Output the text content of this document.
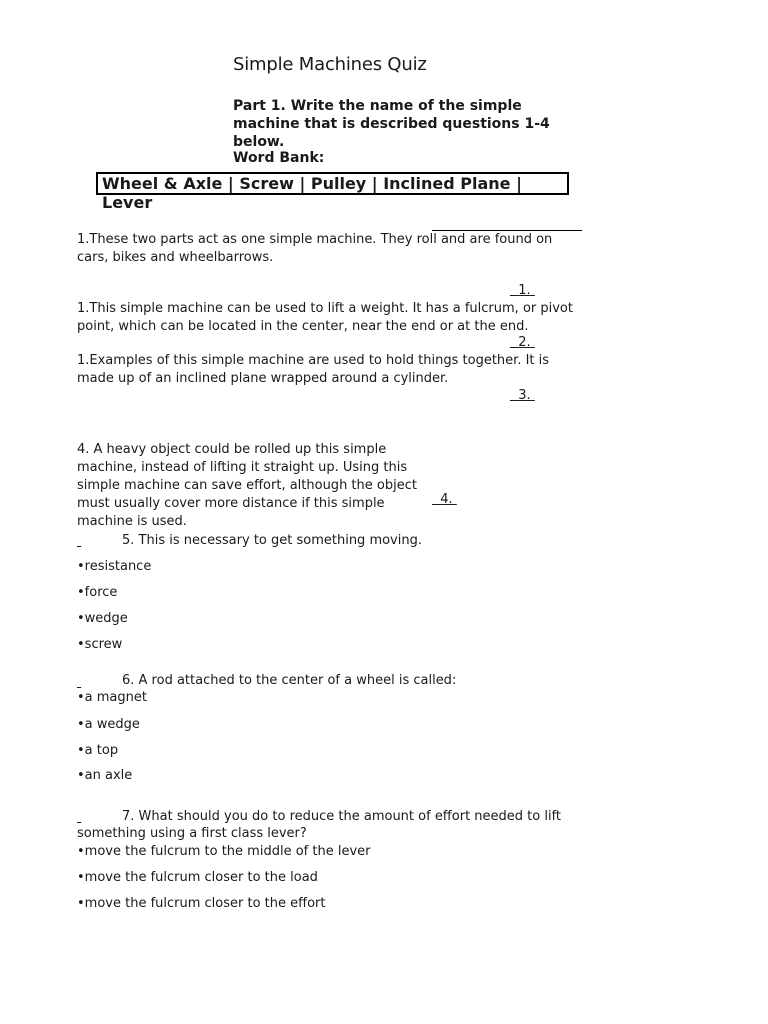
Simple Machines Quiz
Part 1. Write the name of the simple machine that is described questions 1-4 below.
Word Bank:
Wheel & Axle | Screw | Pulley | Inclined Plane | Lever
1.These two parts act as one simple machine. They roll and are found on cars, bikes and wheelbarrows.
1.
1.This simple machine can be used to lift a weight. It has a fulcrum, or pivot point, which can be located in the center, near the end or at the end.
2.
1.Examples of this simple machine are used to hold things together. It is made up of an inclined plane wrapped around a cylinder.
3.
4. A heavy object could be rolled up this simple machine, instead of lifting it straight up. Using this simple machine can save effort, although the object must usually cover more distance if this simple machine is used.
4.

5. This is necessary to get something moving.
•resistance
•force
•wedge
•screw

6. A rod attached to the center of a wheel is called:
•a magnet
•a wedge
•a top
•an axle

7. What should you do to reduce the amount of effort needed to lift
something using a first class lever?
•move the fulcrum to the middle of the lever
•move the fulcrum closer to the load
•move the fulcrum closer to the effort
